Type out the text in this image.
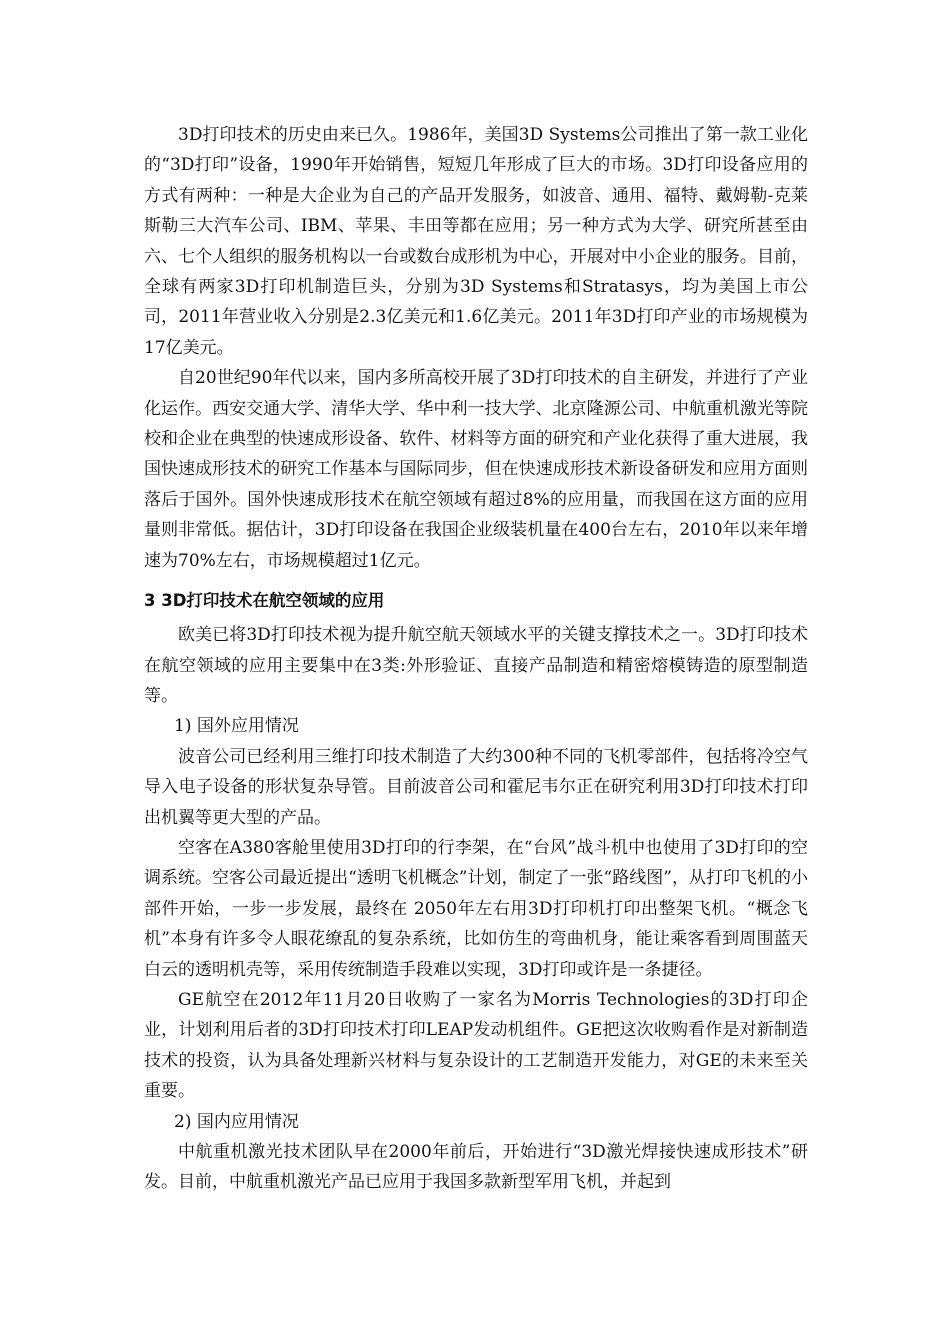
3D打印技术的历史由来已久。1986年，美国3D Systems公司推出了第一款工业化的“3D打印”设备，1990年开始销售，短短几年形成了巨大的市场。3D打印设备应用的方式有两种：一种是大企业为自己的产品开发服务，如波音、通用、福特、戴姆勒-克莱斯勒三大汽车公司、IBM、苹果、丰田等都在应用；另一种方式为大学、研究所甚至由六、七个人组织的服务机构以一台或数台成形机为中心，开展对中小企业的服务。目前，全球有两家3D打印机制造巨头，分别为3D Systems和Stratasys，均为美国上市公司，2011年营业收入分别是2.3亿美元和1.6亿美元。2011年3D打印产业的市场规模为17亿美元。

自20世纪90年代以来，国内多所高校开展了3D打印技术的自主研发，并进行了产业化运作。西安交通大学、清华大学、华中利一技大学、北京隆源公司、中航重机激光等院校和企业在典型的快速成形设备、软件、材料等方面的研究和产业化获得了重大进展，我国快速成形技术的研究工作基本与国际同步，但在快速成形技术新设备研发和应用方面则落后于国外。国外快速成形技术在航空领域有超过8%的应用量，而我国在这方面的应用量则非常低。据估计，3D打印设备在我国企业级装机量在400台左右，2010年以来年增速为70%左右，市场规模超过1亿元。

3 3D打印技术在航空领域的应用

欧美已将3D打印技术视为提升航空航天领域水平的关键支撑技术之一。3D打印技术在航空领域的应用主要集中在3类:外形验证、直接产品制造和精密熔模铸造的原型制造等。

1) 国外应用情况

波音公司已经利用三维打印技术制造了大约300种不同的飞机零部件，包括将冷空气导入电子设备的形状复杂导管。目前波音公司和霍尼韦尔正在研究利用3D打印技术打印出机翼等更大型的产品。

空客在A380客舱里使用3D打印的行李架，在“台风”战斗机中也使用了3D打印的空调系统。空客公司最近提出“透明飞机概念”计划，制定了一张“路线图”，从打印飞机的小部件开始，一步一步发展，最终在 2050年左右用3D打印机打印出整架飞机。“概念飞机”本身有许多令人眼花缭乱的复杂系统，比如仿生的弯曲机身，能让乘客看到周围蓝天白云的透明机壳等，采用传统制造手段难以实现，3D打印或许是一条捷径。

GE航空在2012年11月20日收购了一家名为Morris Technologies的3D打印企业，计划利用后者的3D打印技术打印LEAP发动机组件。GE把这次收购看作是对新制造技术的投资，认为具备处理新兴材料与复杂设计的工艺制造开发能力，对GE的未来至关重要。

2) 国内应用情况

中航重机激光技术团队早在2000年前后，开始进行“3D激光焊接快速成形技术”研发。目前，中航重机激光产品已应用于我国多款新型军用飞机，并起到
